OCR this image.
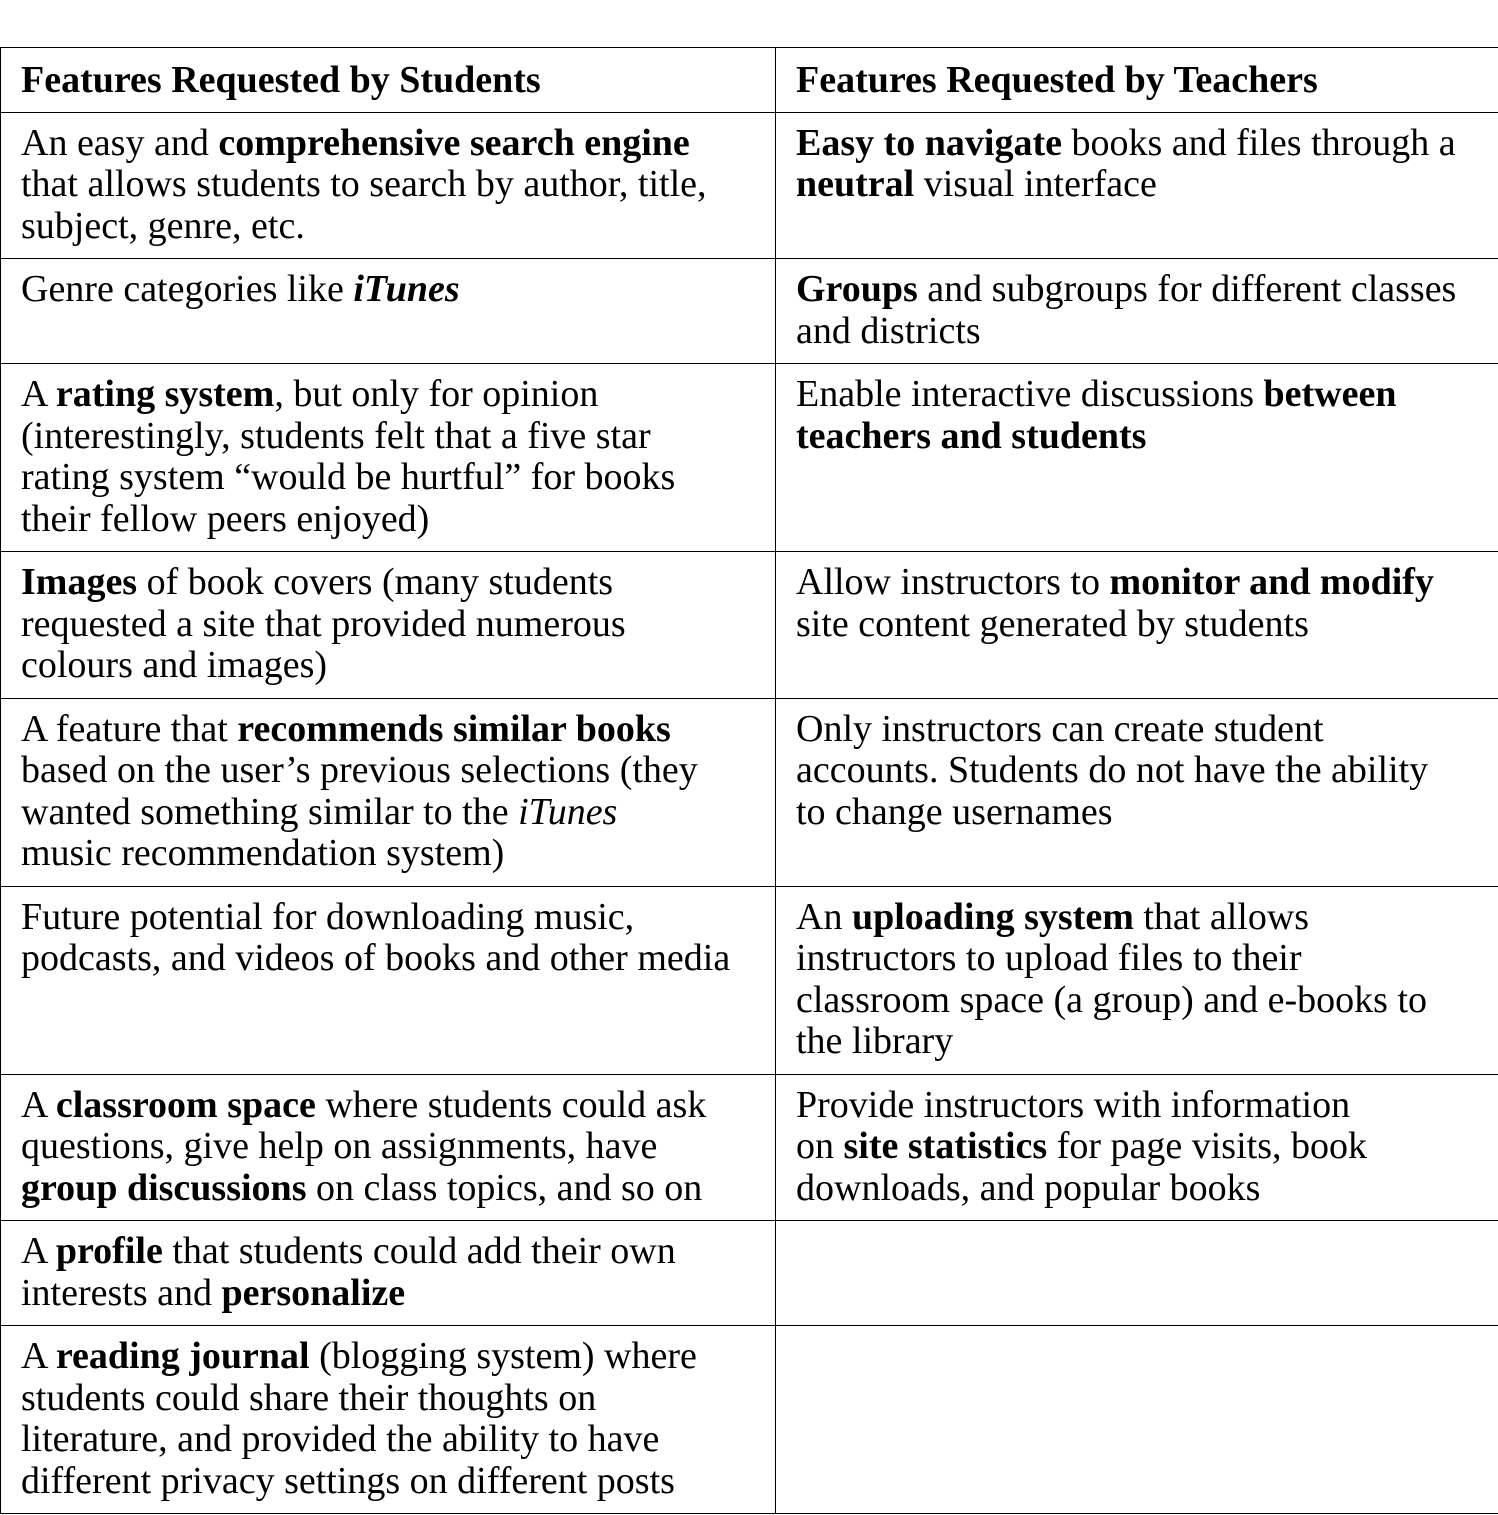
Features Requested by Students	Features Requested by Teachers

An easy and comprehensive search engine
that allows students to search by author, title,
subject, genre, etc.	Easy to navigate books and files through a
neutral visual interface

Genre categories like iTunes	Groups and subgroups for different classes
and districts

A rating system, but only for opinion
(interestingly, students felt that a five star
rating system “would be hurtful” for books
their fellow peers enjoyed)	Enable interactive discussions between
teachers and students

Images of book covers (many students
requested a site that provided numerous
colours and images)	Allow instructors to monitor and modify
site content generated by students

A feature that recommends similar books
based on the user’s previous selections (they
wanted something similar to the iTunes
music recommendation system)	Only instructors can create student
accounts. Students do not have the ability
to change usernames

Future potential for downloading music,
podcasts, and videos of books and other media	An uploading system that allows
instructors to upload files to their
classroom space (a group) and e-books to
the library

A classroom space where students could ask
questions, give help on assignments, have
group discussions on class topics, and so on	Provide instructors with information
on site statistics for page visits, book
downloads, and popular books

A profile that students could add their own
interests and personalize	

A reading journal (blogging system) where
students could share their thoughts on
literature, and provided the ability to have
different privacy settings on different posts	
